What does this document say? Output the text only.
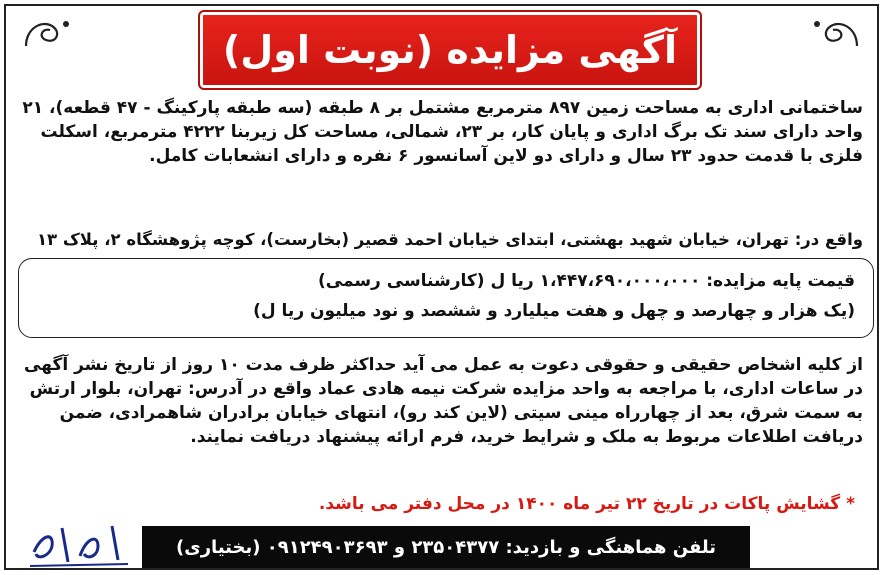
آگهی مزایده (نوبت اول)

ساختمانی اداری به مساحت زمین ۸۹۷ مترمربع مشتمل بر ۸ طبقه (سه طبقه پارکینگ - ۴۷ قطعه)، ۲۱ واحد دارای سند تک برگ اداری و پایان کار، بر ۲۳، شمالی، مساحت کل زیربنا ۴۲۲۲ مترمربع، اسکلت فلزی با قدمت حدود ۲۳ سال و دارای دو لاین آسانسور ۶ نفره و دارای انشعابات کامل.

واقع در: تهران، خیابان شهید بهشتی، ابتدای خیابان احمد قصیر (بخارست)، کوچه پژوهشگاه ۲، پلاک ۱۳

قیمت پایه مزایده: ۱،۴۴۷،۶۹۰،۰۰۰،۰۰۰ ریا ل (کارشناسی رسمی)
(یک هزار و چهارصد و چهل و هفت میلیارد و ششصد و نود میلیون ریا ل)

از کلیه اشخاص حقیقی و حقوقی دعوت به عمل می آید حداکثر ظرف مدت ۱۰ روز از تاریخ نشر آگهی در ساعات اداری، با مراجعه به واحد مزایده شرکت نیمه هادی عماد واقع در آدرس: تهران، بلوار ارتش به سمت شرق، بعد از چهارراه مینی سیتی (لاین کند رو)، انتهای خیابان برادران شاهمرادی، ضمن دریافت اطلاعات مربوط به ملک و شرایط خرید، فرم ارائه پیشنهاد دریافت نمایند.

* گشایش پاکات در تاریخ ۲۲ تیر ماه ۱۴۰۰ در محل دفتر می باشد.
تلفن هماهنگی و بازدید: ۲۳۵۰۴۳۷۷ و ۰۹۱۲۴۹۰۳۶۹۳ (بختیاری)
